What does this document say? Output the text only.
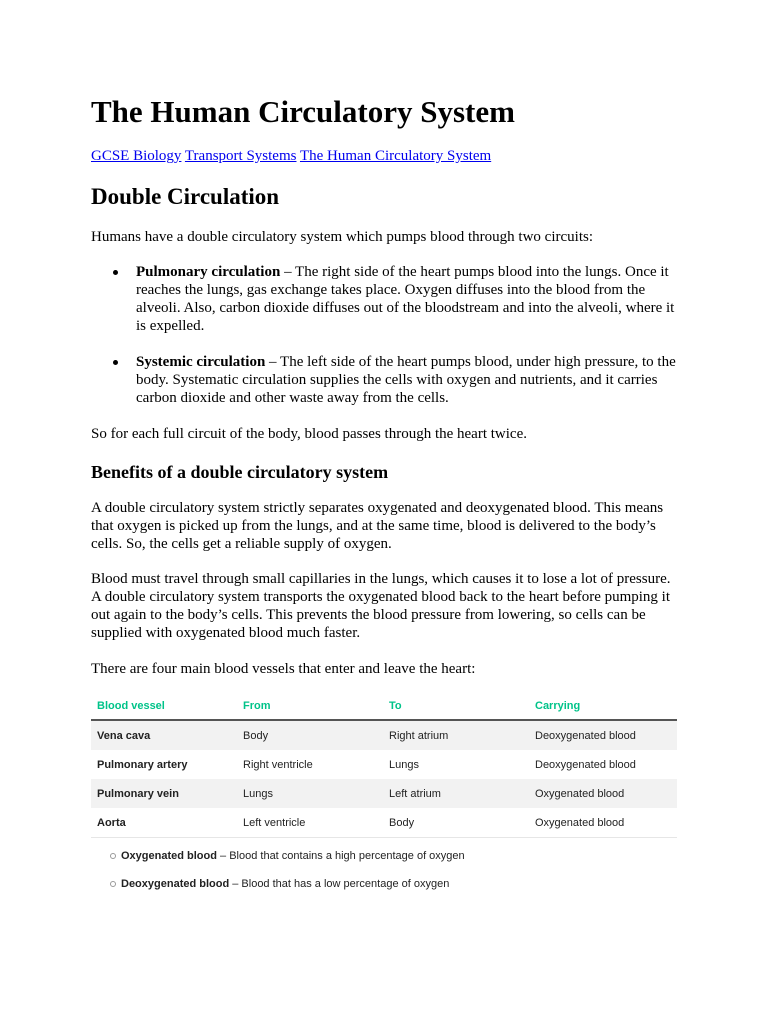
The Human Circulatory System

GCSE Biology Transport Systems The Human Circulatory System

Double Circulation

Humans have a double circulatory system which pumps blood through two circuits:

Pulmonary circulation – The right side of the heart pumps blood into the lungs. Once it reaches the lungs, gas exchange takes place. Oxygen diffuses into the blood from the alveoli. Also, carbon dioxide diffuses out of the bloodstream and into the alveoli, where it is expelled.
Systemic circulation – The left side of the heart pumps blood, under high pressure, to the body. Systematic circulation supplies the cells with oxygen and nutrients, and it carries carbon dioxide and other waste away from the cells.

So for each full circuit of the body, blood passes through the heart twice.

Benefits of a double circulatory system

A double circulatory system strictly separates oxygenated and deoxygenated blood. This means that oxygen is picked up from the lungs, and at the same time, blood is delivered to the body’s cells. So, the cells get a reliable supply of oxygen.

Blood must travel through small capillaries in the lungs, which causes it to lose a lot of pressure. A double circulatory system transports the oxygenated blood back to the heart before pumping it out again to the body’s cells. This prevents the blood pressure from lowering, so cells can be supplied with oxygenated blood much faster.

There are four main blood vessels that enter and leave the heart:

Blood vessel	From	To	Carrying
Vena cava	Body	Right atrium	Deoxygenated blood
Pulmonary artery	Right ventricle	Lungs	Deoxygenated blood
Pulmonary vein	Lungs	Left atrium	Oxygenated blood
Aorta	Left ventricle	Body	Oxygenated blood
Oxygenated blood – Blood that contains a high percentage of oxygen
Deoxygenated blood – Blood that has a low percentage of oxygen
